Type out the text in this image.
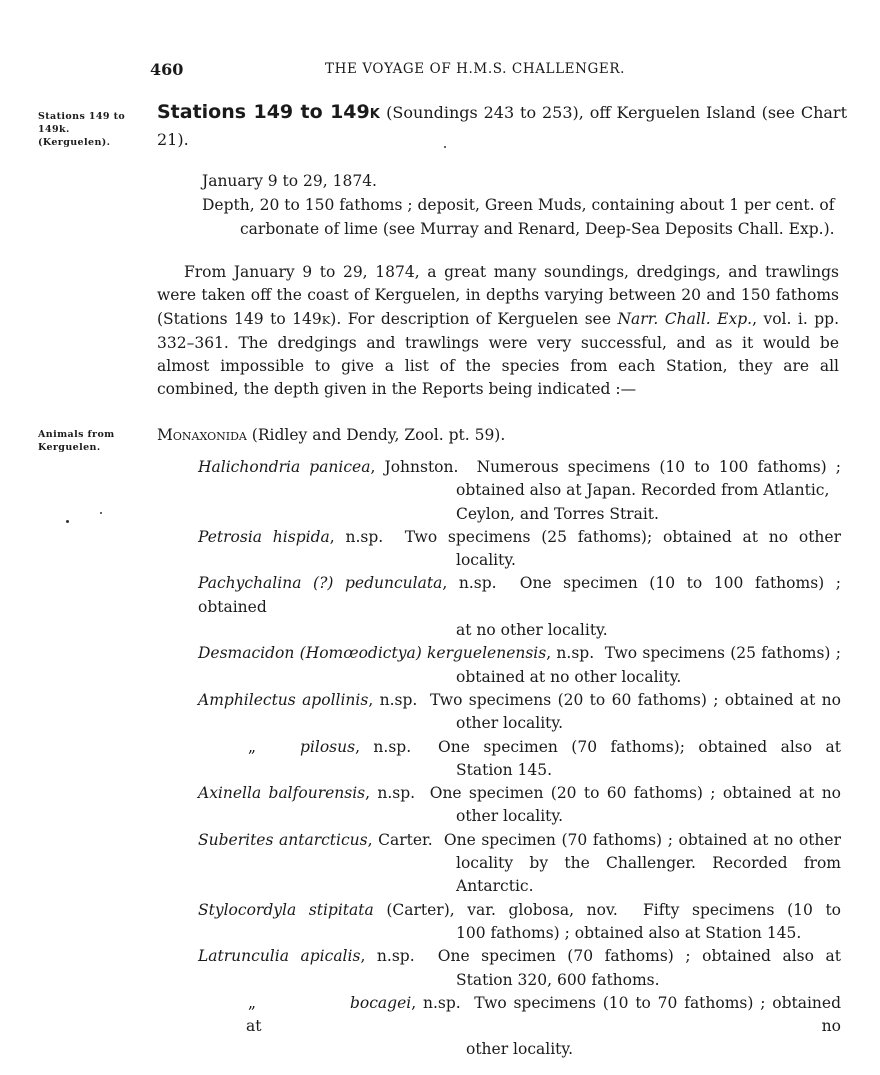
460	THE VOYAGE OF H.M.S. CHALLENGER.
Stations 149 to
149k.
(Kerguelen).
Stations 149 to 149K (Soundings 243 to 253), off Kerguelen Island (see Chart 21).
January 9 to 29, 1874.
Depth, 20 to 150 fathoms ; deposit, Green Muds, containing about 1 per cent. of carbonate of lime (see Murray and Renard, Deep-Sea Deposits Chall. Exp.).
From January 9 to 29, 1874, a great many soundings, dredgings, and trawlings were taken off the coast of Kerguelen, in depths varying between 20 and 150 fathoms (Stations 149 to 149K). For description of Kerguelen see Narr. Chall. Exp., vol. i. pp. 332–361. The dredgings and trawlings were very successful, and as it would be almost impossible to give a list of the species from each Station, they are all combined, the depth given in the Reports being indicated :—
Animals from
Kerguelen.
Monaxonida (Ridley and Dendy, Zool. pt. 59).
Halichondria panicea, Johnston. Numerous specimens (10 to 100 fathoms) ;
obtained also at Japan. Recorded from Atlantic,
Ceylon, and Torres Strait.
Petrosia hispida, n.sp. Two specimens (25 fathoms); obtained at no other
locality.
Pachychalina (?) pedunculata, n.sp. One specimen (10 to 100 fathoms) ; obtained
at no other locality.
Desmacidon (Homœodictya) kerguelenensis, n.sp. Two specimens (25 fathoms) ;
obtained at no other locality.
Amphilectus apollinis, n.sp. Two specimens (20 to 60 fathoms) ; obtained at no
other locality.
„	pilosus, n.sp. One specimen (70 fathoms); obtained also at
Station 145.
Axinella balfourensis, n.sp. One specimen (20 to 60 fathoms) ; obtained at no
other locality.
Suberites antarcticus, Carter. One specimen (70 fathoms) ; obtained at no other
locality by the Challenger. Recorded from
Antarctic.
Stylocordyla stipitata (Carter), var. globosa, nov. Fifty specimens (10 to
100 fathoms) ; obtained also at Station 145.
Latrunculia apicalis, n.sp. One specimen (70 fathoms) ; obtained also at
Station 320, 600 fathoms.
„	bocagei, n.sp. Two specimens (10 to 70 fathoms) ; obtained at no
other locality.
